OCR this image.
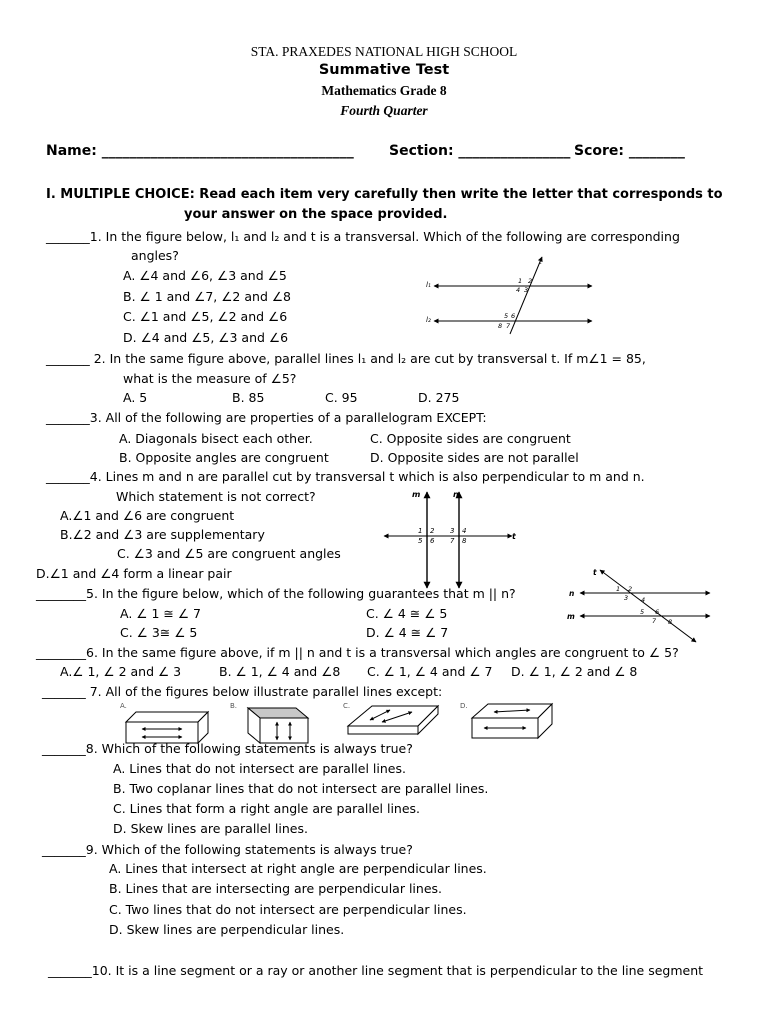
STA. PRAXEDES NATIONAL HIGH SCHOOL
Summative Test
Mathematics Grade 8
Fourth Quarter
Name: ____________________________________	Section: ________________ Score: ________
I. MULTIPLE CHOICE: Read each item very carefully then write the letter that corresponds to
your answer on the space provided.
_______1. In the figure below, l₁ and l₂ and t is a transversal. Which of the following are corresponding
angles?
A. ∠4 and ∠6, ∠3 and ∠5
B. ∠ 1 and ∠7, ∠2 and ∠8
C. ∠1 and ∠5, ∠2 and ∠6
D. ∠4 and ∠5, ∠3 and ∠6
l₁
l₂
t
1 2
4 3
5 6
8 7
_______ 2. In the same figure above, parallel lines l₁ and l₂ are cut by transversal t. If m∠1 = 85,
what is the measure of ∠5?
A. 5	B. 85	C. 95	D. 275
_______3. All of the following are properties of a parallelogram EXCEPT:
A. Diagonals bisect each other.	C. Opposite sides are congruent
B. Opposite angles are congruent	D. Opposite sides are not parallel
_______4. Lines m and n are parallel cut by transversal t which is also perpendicular to m and n.
Which statement is not correct?
A.∠1 and ∠6 are congruent
B.∠2 and ∠3 are supplementary
C. ∠3 and ∠5 are congruent angles
D.∠1 and ∠4 form a linear pair
m	n
t
1 2
5 6
3 4
7 8
________5. In the figure below, which of the following guarantees that m || n?
A. ∠ 1 ≅ ∠ 7	C. ∠ 4 ≅ ∠ 5
C. ∠ 3≅ ∠ 5	D. ∠ 4 ≅ ∠ 7
n
m
t
1 2
3 4
5 6
7 8
________6. In the same figure above, if m || n and t is a transversal which angles are congruent to ∠ 5?
A.∠ 1, ∠ 2 and ∠ 3	B. ∠ 1, ∠ 4 and ∠8 C. ∠ 1, ∠ 4 and ∠ 7 D. ∠ 1, ∠ 2 and ∠ 8
_______ 7. All of the figures below illustrate parallel lines except:
A.	B.	C.	D.
_______8. Which of the following statements is always true?
A. Lines that do not intersect are parallel lines.
B. Two coplanar lines that do not intersect are parallel lines.
C. Lines that form a right angle are parallel lines.
D. Skew lines are parallel lines.
_______9. Which of the following statements is always true?
A. Lines that intersect at right angle are perpendicular lines.
B. Lines that are intersecting are perpendicular lines.
C. Two lines that do not intersect are perpendicular lines.
D. Skew lines are perpendicular lines.
_______10. It is a line segment or a ray or another line segment that is perpendicular to the line segment
